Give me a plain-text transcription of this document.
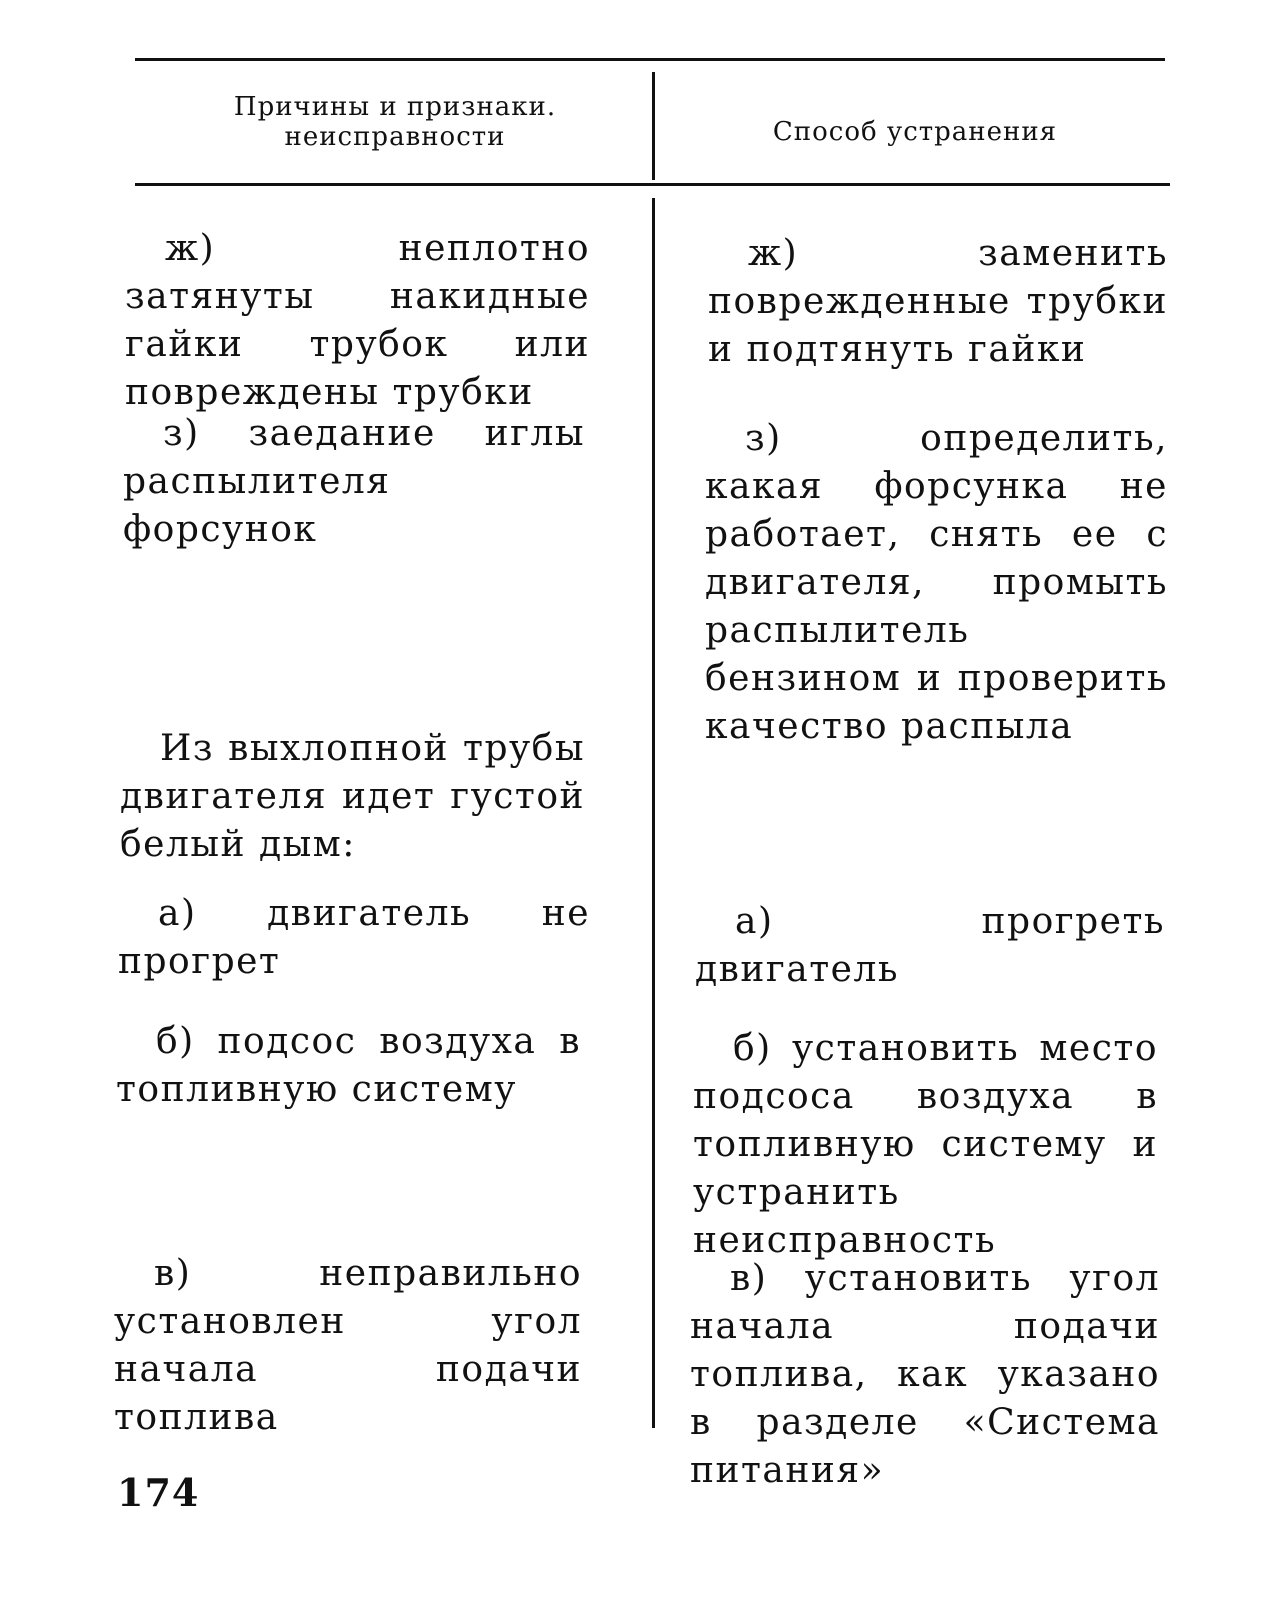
Причины и признаки. неисправности	Способ устранения
ж) неплотно затянуты накидные гайки трубок или повреждены трубки
ж) заменить поврежденные трубки и подтянуть гайки
з) заедание иглы распылителя форсунок
з) определить, какая форсунка не работает, снять ее с двигателя, промыть распылитель бензином и проверить качество распыла
Из выхлопной трубы двигателя идет густой белый дым:
а) двигатель не прогрет
а) прогреть двигатель
б) подсос воздуха в топливную систему
б) установить место подсоса воздуха в топливную систему и устранить неисправность
в) неправильно установлен угол начала подачи топлива
в) установить угол начала подачи топлива, как указано в разделе «Система питания»
174
